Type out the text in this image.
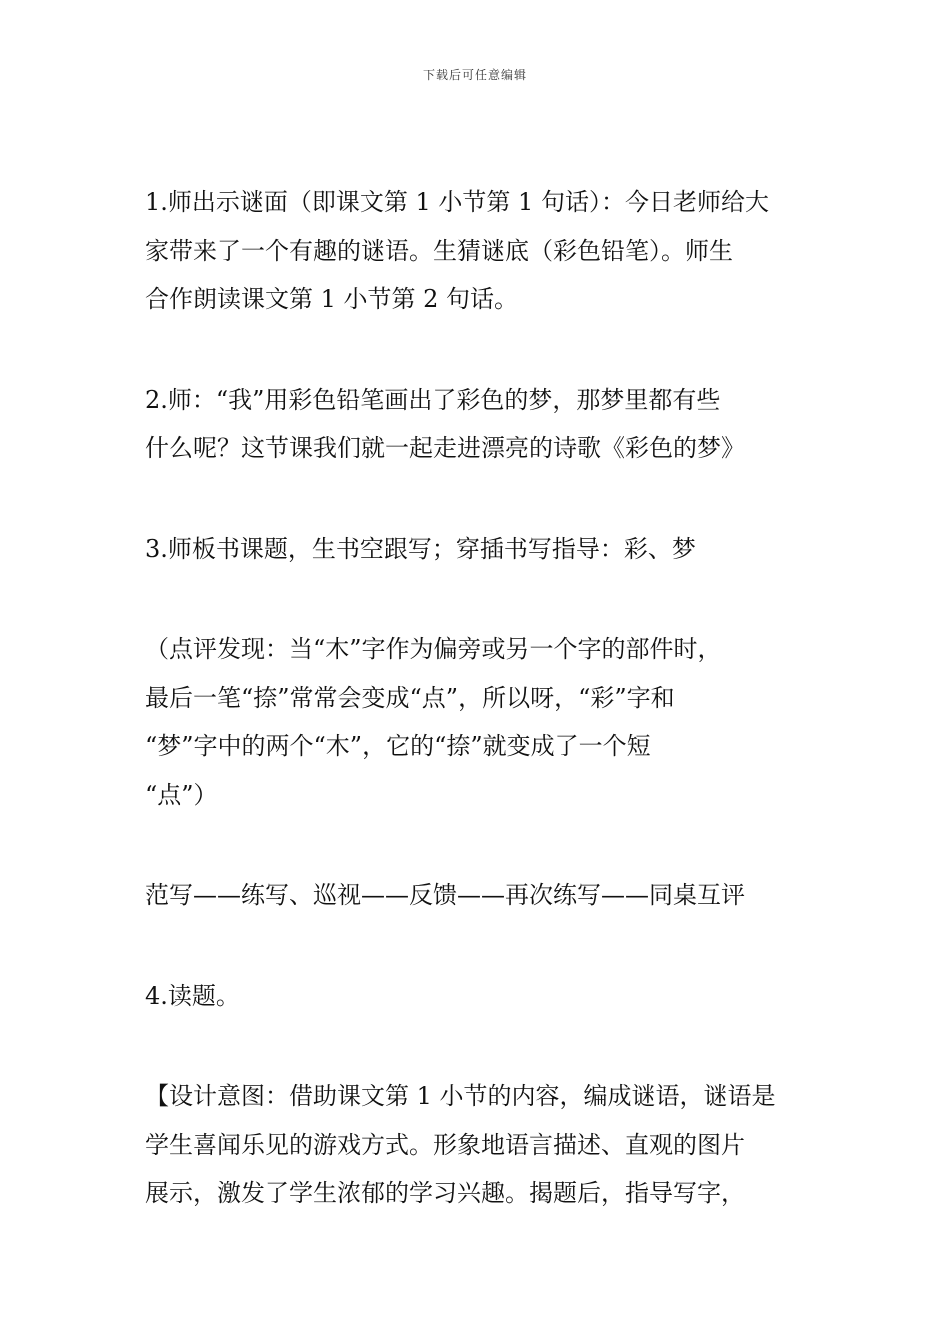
下载后可任意编辑
1.师出示谜面（即课文第 1 小节第 1 句话）：今日老师给大
家带来了一个有趣的谜语。生猜谜底（彩色铅笔）。师生
合作朗读课文第 1 小节第 2 句话。
2.师：“我”用彩色铅笔画出了彩色的梦，那梦里都有些
什么呢？这节课我们就一起走进漂亮的诗歌《彩色的梦》
3.师板书课题，生书空跟写；穿插书写指导：彩、梦
（点评发现：当“木”字作为偏旁或另一个字的部件时，
最后一笔“捺”常常会变成“点”，所以呀，“彩”字和
“梦”字中的两个“木”，它的“捺”就变成了一个短
“点”）
范写——练写、巡视——反馈——再次练写——同桌互评
4.读题。
【设计意图：借助课文第 1 小节的内容，编成谜语，谜语是
学生喜闻乐见的游戏方式。形象地语言描述、直观的图片
展示，激发了学生浓郁的学习兴趣。揭题后，指导写字，
